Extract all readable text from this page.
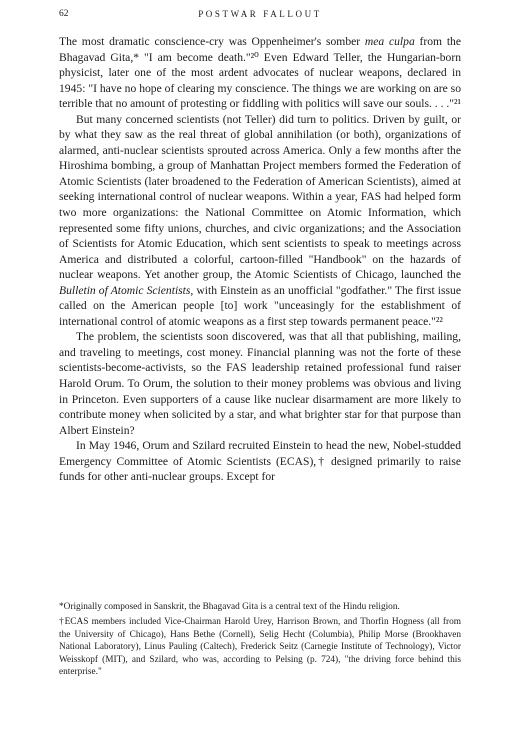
62	POSTWAR FALLOUT

The most dramatic conscience-cry was Oppenheimer's somber mea culpa from the Bhagavad Gita,* "I am become death."²⁰ Even Edward Teller, the Hungarian-born physicist, later one of the most ardent advocates of nuclear weapons, declared in 1945: "I have no hope of clearing my conscience. The things we are working on are so terrible that no amount of protesting or fiddling with politics will save our souls. . . ."²¹

But many concerned scientists (not Teller) did turn to politics. Driven by guilt, or by what they saw as the real threat of global annihilation (or both), organizations of alarmed, anti-nuclear scientists sprouted across America. Only a few months after the Hiroshima bombing, a group of Manhattan Project members formed the Federation of Atomic Scientists (later broadened to the Federation of American Scientists), aimed at seeking international control of nuclear weapons. Within a year, FAS had helped form two more organizations: the National Committee on Atomic Information, which represented some fifty unions, churches, and civic organizations; and the Association of Scientists for Atomic Education, which sent scientists to speak to meetings across America and distributed a colorful, cartoon-filled "Handbook" on the hazards of nuclear weapons. Yet another group, the Atomic Scientists of Chicago, launched the Bulletin of Atomic Scientists, with Einstein as an unofficial "godfather." The first issue called on the American people [to] work "unceasingly for the establishment of international control of atomic weapons as a first step towards permanent peace."²²

The problem, the scientists soon discovered, was that all that publishing, mailing, and traveling to meetings, cost money. Financial planning was not the forte of these scientists-become-activists, so the FAS leadership retained professional fund raiser Harold Orum. To Orum, the solution to their money problems was obvious and living in Princeton. Even supporters of a cause like nuclear disarmament are more likely to contribute money when solicited by a star, and what brighter star for that purpose than Albert Einstein?

In May 1946, Orum and Szilard recruited Einstein to head the new, Nobel-studded Emergency Committee of Atomic Scientists (ECAS),† designed primarily to raise funds for other anti-nuclear groups. Except for

*Originally composed in Sanskrit, the Bhagavad Gita is a central text of the Hindu religion.

†ECAS members included Vice-Chairman Harold Urey, Harrison Brown, and Thorfin Hogness (all from the University of Chicago), Hans Bethe (Cornell), Selig Hecht (Columbia), Philip Morse (Brookhaven National Laboratory), Linus Pauling (Caltech), Frederick Seitz (Carnegie Institute of Technology), Victor Weisskopf (MIT), and Szilard, who was, according to Pelsing (p. 724), "the driving force behind this enterprise."
